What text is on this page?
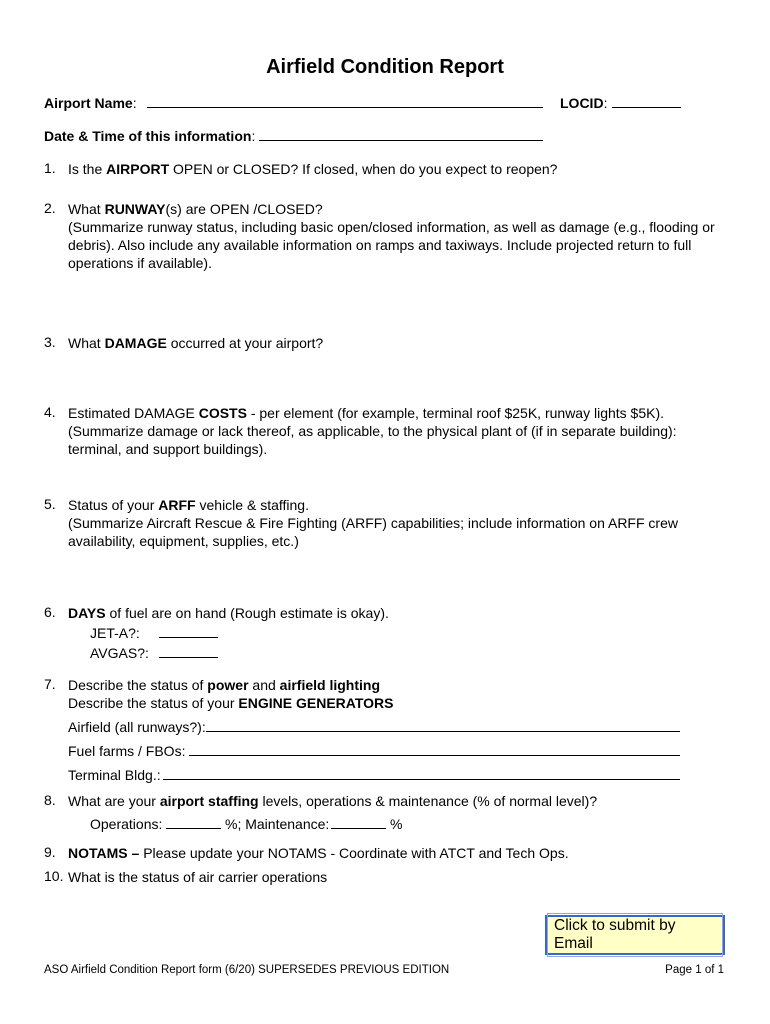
Airfield Condition Report
Airport Name:	LOCID:
Date & Time of this information:
1. Is the AIRPORT OPEN or CLOSED? If closed, when do you expect to reopen?
2. What RUNWAY(s) are OPEN /CLOSED?
(Summarize runway status, including basic open/closed information, as well as damage (e.g., flooding or
debris). Also include any available information on ramps and taxiways. Include projected return to full
operations if available).
3. What DAMAGE occurred at your airport?
4. Estimated DAMAGE COSTS - per element (for example, terminal roof $25K, runway lights $5K).
(Summarize damage or lack thereof, as applicable, to the physical plant of (if in separate building):
terminal, and support buildings).
5. Status of your ARFF vehicle & staffing.
(Summarize Aircraft Rescue & Fire Fighting (ARFF) capabilities; include information on ARFF crew
availability, equipment, supplies, etc.)
6. DAYS of fuel are on hand (Rough estimate is okay).
JET-A?:
AVGAS?:
7. Describe the status of power and airfield lighting
Describe the status of your ENGINE GENERATORS
Airfield (all runways?):
Fuel farms / FBOs:
Terminal Bldg.:
8. What are your airport staffing levels, operations & maintenance (% of normal level)?
Operations:	%; Maintenance:	%
9. NOTAMS – Please update your NOTAMS - Coordinate with ATCT and Tech Ops.
10. What is the status of air carrier operations
Click to submit by Email
ASO Airfield Condition Report form (6/20) SUPERSEDES PREVIOUS EDITION	Page 1 of 1
